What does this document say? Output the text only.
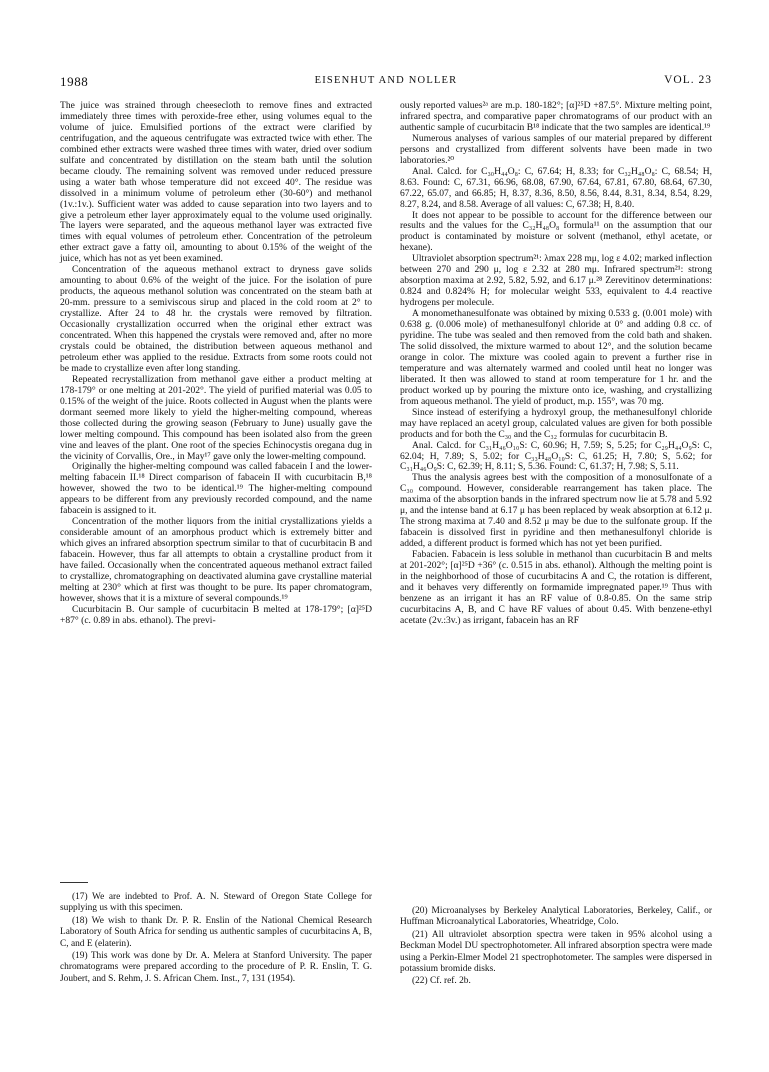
1988	EISENHUT AND NOLLER	VOL. 23

The juice was strained through cheesecloth to remove fines and extracted immediately three times with peroxide-free ether, using volumes equal to the volume of juice. Emulsified portions of the extract were clarified by centrifugation, and the aqueous centrifugate was extracted twice with ether. The combined ether extracts were washed three times with water, dried over sodium sulfate and concentrated by distillation on the steam bath until the solution became cloudy. The remaining solvent was removed under reduced pressure using a water bath whose temperature did not exceed 40°. The residue was dissolved in a minimum volume of petroleum ether (30-60°) and methanol (1v.:1v.). Sufficient water was added to cause separation into two layers and to give a petroleum ether layer approximately equal to the volume used originally. The layers were separated, and the aqueous methanol layer was extracted five times with equal volumes of petroleum ether. Concentration of the petroleum ether extract gave a fatty oil, amounting to about 0.15% of the weight of the juice, which has not as yet been examined.

Concentration of the aqueous methanol extract to dryness gave solids amounting to about 0.6% of the weight of the juice. For the isolation of pure products, the aqueous methanol solution was concentrated on the steam bath at 20-mm. pressure to a semiviscous sirup and placed in the cold room at 2° to crystallize. After 24 to 48 hr. the crystals were removed by filtration. Occasionally crystallization occurred when the original ether extract was concentrated. When this happened the crystals were removed and, after no more crystals could be obtained, the distribution between aqueous methanol and petroleum ether was applied to the residue. Extracts from some roots could not be made to crystallize even after long standing.

Repeated recrystallization from methanol gave either a product melting at 178-179° or one melting at 201-202°. The yield of purified material was 0.05 to 0.15% of the weight of the juice. Roots collected in August when the plants were dormant seemed more likely to yield the higher-melting compound, whereas those collected during the growing season (February to June) usually gave the lower melting compound. This compound has been isolated also from the green vine and leaves of the plant. One root of the species Echinocystis oregana dug in the vicinity of Corvallis, Ore., in May¹⁷ gave only the lower-melting compound.

Originally the higher-melting compound was called fabacein I and the lower-melting fabacein II.¹⁸ Direct comparison of fabacein II with cucurbitacin B,¹⁸ however, showed the two to be identical.¹⁹ The higher-melting compound appears to be different from any previously recorded compound, and the name fabacein is assigned to it.

Concentration of the mother liquors from the initial crystallizations yields a considerable amount of an amorphous product which is extremely bitter and which gives an infrared absorption spectrum similar to that of cucurbitacin B and fabacein. However, thus far all attempts to obtain a crystalline product from it have failed. Occasionally when the concentrated aqueous methanol extract failed to crystallize, chromatographing on deactivated alumina gave crystalline material melting at 230° which at first was thought to be pure. Its paper chromatogram, however, shows that it is a mixture of several compounds.¹⁹

Cucurbitacin B. Our sample of cucurbitacin B melted at 178-179°; [α]²⁵D +87° (c. 0.89 in abs. ethanol). The previ-

ously reported values²ᵃ are m.p. 180-182°; [α]²⁵D +87.5°. Mixture melting point, infrared spectra, and comparative paper chromatograms of our product with an authentic sample of cucurbitacin B¹⁸ indicate that the two samples are identical.¹⁹

Numerous analyses of various samples of our material prepared by different persons and crystallized from different solvents have been made in two laboratories.²⁰

Anal. Calcd. for C₃₀H₄₄O₈: C, 67.64; H, 8.33; for C₃₂H₄₈O₈: C, 68.54; H, 8.63. Found: C, 67.31, 66.96, 68.08, 67.90, 67.64, 67.81, 67.80, 68.64, 67.30, 67.22, 65.07, and 66.85; H, 8.37, 8.36, 8.50, 8.56, 8.44, 8.31, 8.34, 8.54, 8.29, 8.27, 8.24, and 8.58. Average of all values: C, 67.38; H, 8.40.

It does not appear to be possible to account for the difference between our results and the values for the C₃₂H₄₈O₈ formula¹¹ on the assumption that our product is contaminated by moisture or solvent (methanol, ethyl acetate, or hexane).

Ultraviolet absorption spectrum²¹: λmax 228 mμ, log ε 4.02; marked inflection between 270 and 290 μ, log ε 2.32 at 280 mμ. Infrared spectrum²¹: strong absorption maxima at 2.92, 5.82, 5.92, and 6.17 μ.²⁸ Zerevitinov determinations: 0.824 and 0.824% H; for molecular weight 533, equivalent to 4.4 reactive hydrogens per molecule.

A monomethanesulfonate was obtained by mixing 0.533 g. (0.001 mole) with 0.638 g. (0.006 mole) of methanesulfonyl chloride at 0° and adding 0.8 cc. of pyridine. The tube was sealed and then removed from the cold bath and shaken. The solid dissolved, the mixture warmed to about 12°, and the solution became orange in color. The mixture was cooled again to prevent a further rise in temperature and was alternately warmed and cooled until heat no longer was liberated. It then was allowed to stand at room temperature for 1 hr. and the product worked up by pouring the mixture onto ice, washing, and crystallizing from aqueous methanol. The yield of product, m.p. 155°, was 70 mg.

Since instead of esterifying a hydroxyl group, the methanesulfonyl chloride may have replaced an acetyl group, calculated values are given for both possible products and for both the C₃₀ and the C₃₂ formulas for cucurbitacin B.

Anal. Calcd. for C₃₁H₄₆O₁₀S: C, 60.96; H, 7.59; S, 5.25; for C₂₉H₄₄O₉S: C, 62.04; H, 7.89; S, 5.02; for C₃₃H₄₈O₁₀S: C, 61.25; H, 7.80; S, 5.62; for C₃₁H₄₆O₉S: C, 62.39; H, 8.11; S, 5.36. Found: C, 61.37; H, 7.98; S, 5.11.

Thus the analysis agrees best with the composition of a monosulfonate of a C₃₀ compound. However, considerable rearrangement has taken place. The maxima of the absorption bands in the infrared spectrum now lie at 5.78 and 5.92 μ, and the intense band at 6.17 μ has been replaced by weak absorption at 6.12 μ. The strong maxima at 7.40 and 8.52 μ may be due to the sulfonate group. If the fabacein is dissolved first in pyridine and then methanesulfonyl chloride is added, a different product is formed which has not yet been purified.

Fabacien. Fabacein is less soluble in methanol than cucurbitacin B and melts at 201-202°; [α]²⁵D +36° (c. 0.515 in abs. ethanol). Although the melting point is in the neighborhood of those of cucurbitacins A and C, the rotation is different, and it behaves very differently on formamide impregnated paper.¹⁹ Thus with benzene as an irrigant it has an RF value of 0.8-0.85. On the same strip cucurbitacins A, B, and C have RF values of about 0.45. With benzene-ethyl acetate (2v.:3v.) as irrigant, fabacein has an RF

(17) We are indebted to Prof. A. N. Steward of Oregon State College for supplying us with this specimen.

(18) We wish to thank Dr. P. R. Enslin of the National Chemical Research Laboratory of South Africa for sending us authentic samples of cucurbitacins A, B, C, and E (elaterin).

(19) This work was done by Dr. A. Melera at Stanford University. The paper chromatograms were prepared according to the procedure of P. R. Enslin, T. G. Joubert, and S. Rehm, J. S. African Chem. Inst., 7, 131 (1954).

(20) Microanalyses by Berkeley Analytical Laboratories, Berkeley, Calif., or Huffman Microanalytical Laboratories, Wheatridge, Colo.

(21) All ultraviolet absorption spectra were taken in 95% alcohol using a Beckman Model DU spectrophotometer. All infrared absorption spectra were made using a Perkin-Elmer Model 21 spectrophotometer. The samples were dispersed in potassium bromide disks.

(22) Cf. ref. 2b.
